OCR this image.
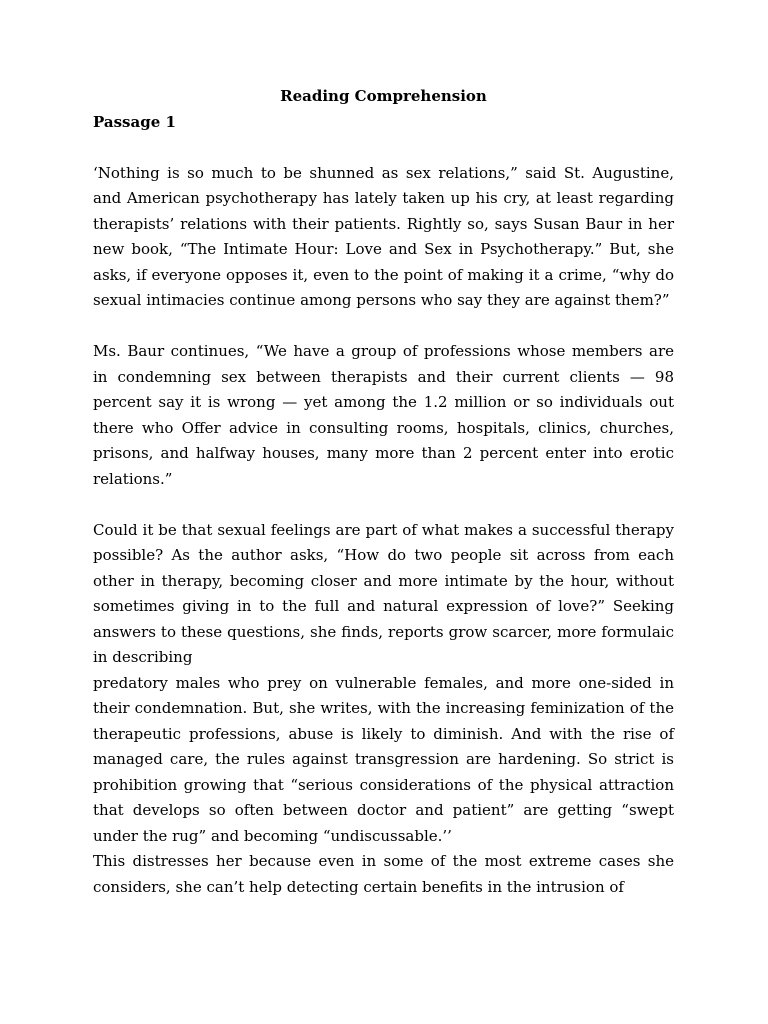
Reading Comprehension

Passage 1

‘Nothing is so much to be shunned as sex relations,” said St. Augustine, and American psychotherapy has lately taken up his cry, at least regarding therapists’ relations with their patients. Rightly so, says Susan Baur in her new book, “The Intimate Hour: Love and Sex in Psychotherapy.” But, she asks, if everyone opposes it, even to the point of making it a crime, “why do sexual intimacies continue among persons who say they are against them?”

Ms. Baur continues, “We have a group of professions whose members are in condemning sex between therapists and their current clients — 98 percent say it is wrong — yet among the 1.2 million or so individuals out there who Offer advice in consulting rooms, hospitals, clinics, churches, prisons, and halfway houses, many more than 2 percent enter into erotic relations.”

Could it be that sexual feelings are part of what makes a successful therapy possible? As the author asks, “How do two people sit across from each other in therapy, becoming closer and more intimate by the hour, without sometimes giving in to the full and natural expression of love?” Seeking answers to these questions, she finds, reports grow scarcer, more formulaic in describing

predatory males who prey on vulnerable females, and more one-sided in their condemnation. But, she writes, with the increasing feminization of the therapeutic professions, abuse is likely to diminish. And with the rise of managed care, the rules against transgression are hardening. So strict is prohibition growing that “serious considerations of the physical attraction that develops so often between doctor and patient” are getting “swept under the rug” and becoming “undiscussable.’’

This distresses her because even in some of the most extreme cases she considers, she can’t help detecting certain benefits in the intrusion of
